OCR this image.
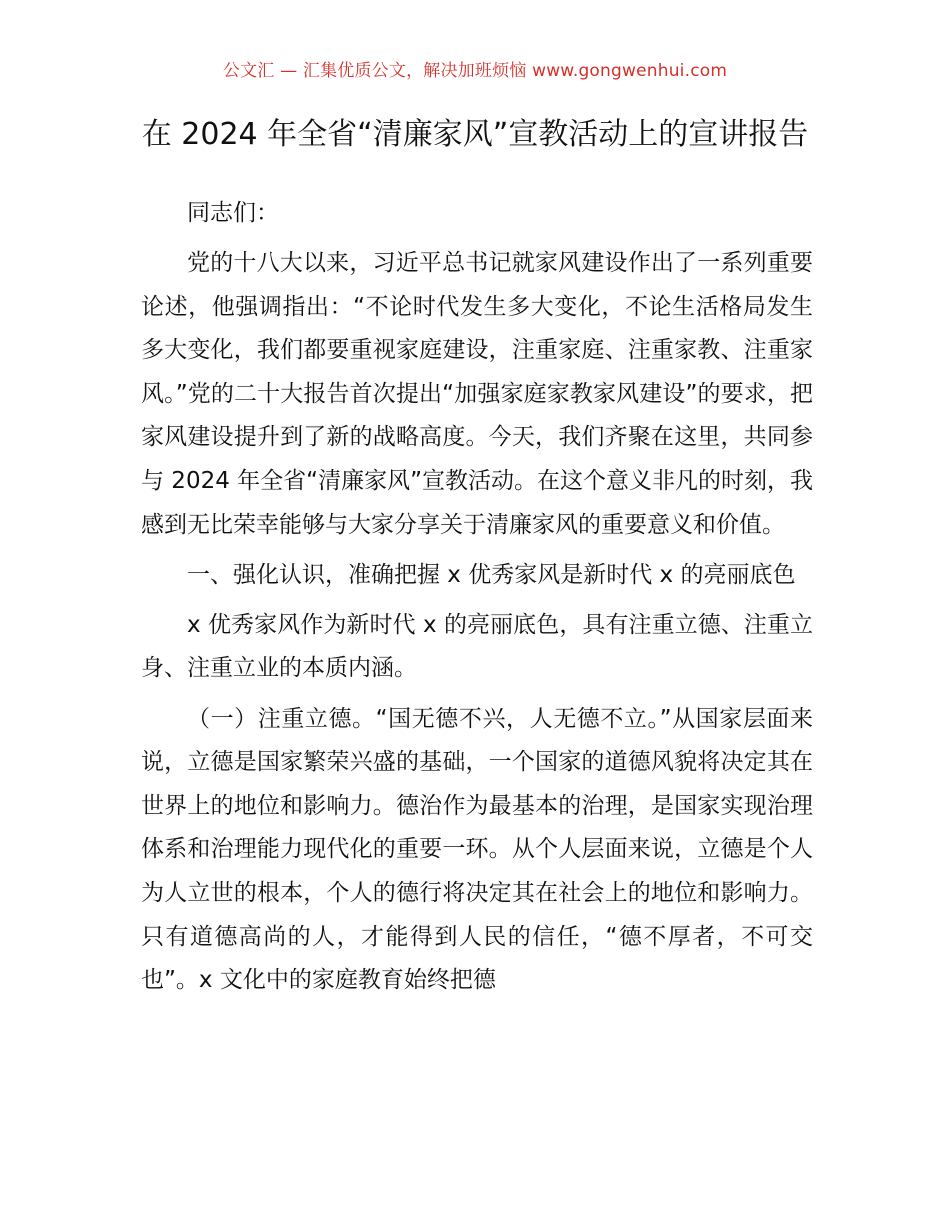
公文汇 — 汇集优质公文，解决加班烦恼 www.gongwenhui.com
在 2024 年全省“清廉家风”宣教活动上的宣讲报告

同志们：

党的十八大以来，习近平总书记就家风建设作出了一系列重要论述，他强调指出：“不论时代发生多大变化，不论生活格局发生多大变化，我们都要重视家庭建设，注重家庭、注重家教、注重家风。”党的二十大报告首次提出“加强家庭家教家风建设”的要求，把家风建设提升到了新的战略高度。今天，我们齐聚在这里，共同参与 2024 年全省“清廉家风”宣教活动。在这个意义非凡的时刻，我感到无比荣幸能够与大家分享关于清廉家风的重要意义和价值。

一、强化认识，准确把握 x 优秀家风是新时代 x 的亮丽底色

x 优秀家风作为新时代 x 的亮丽底色，具有注重立德、注重立身、注重立业的本质内涵。

（一）注重立德。“国无德不兴，人无德不立。”从国家层面来说，立德是国家繁荣兴盛的基础，一个国家的道德风貌将决定其在世界上的地位和影响力。德治作为最基本的治理，是国家实现治理体系和治理能力现代化的重要一环。从个人层面来说，立德是个人为人立世的根本，个人的德行将决定其在社会上的地位和影响力。只有道德高尚的人，才能得到人民的信任，“德不厚者，不可交也”。x 文化中的家庭教育始终把德
